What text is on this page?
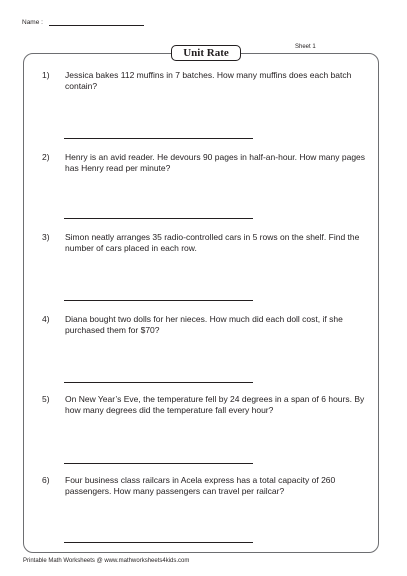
Name :
Unit Rate	Sheet 1
1)	Jessica bakes 112 muffins in 7 batches. How many muffins does each batch contain?
2)	Henry is an avid reader. He devours 90 pages in half-an-hour. How many pages has Henry read per minute?
3)	Simon neatly arranges 35 radio-controlled cars in 5 rows on the shelf. Find the number of cars placed in each row.
4)	Diana bought two dolls for her nieces. How much did each doll cost, if she purchased them for $70?
5)	On New Year’s Eve, the temperature fell by 24 degrees in a span of 6 hours. By how many degrees did the temperature fall every hour?
6)	Four business class railcars in Acela express has a total capacity of 260 passengers. How many passengers can travel per railcar?
Printable Math Worksheets @ www.mathworksheets4kids.com
